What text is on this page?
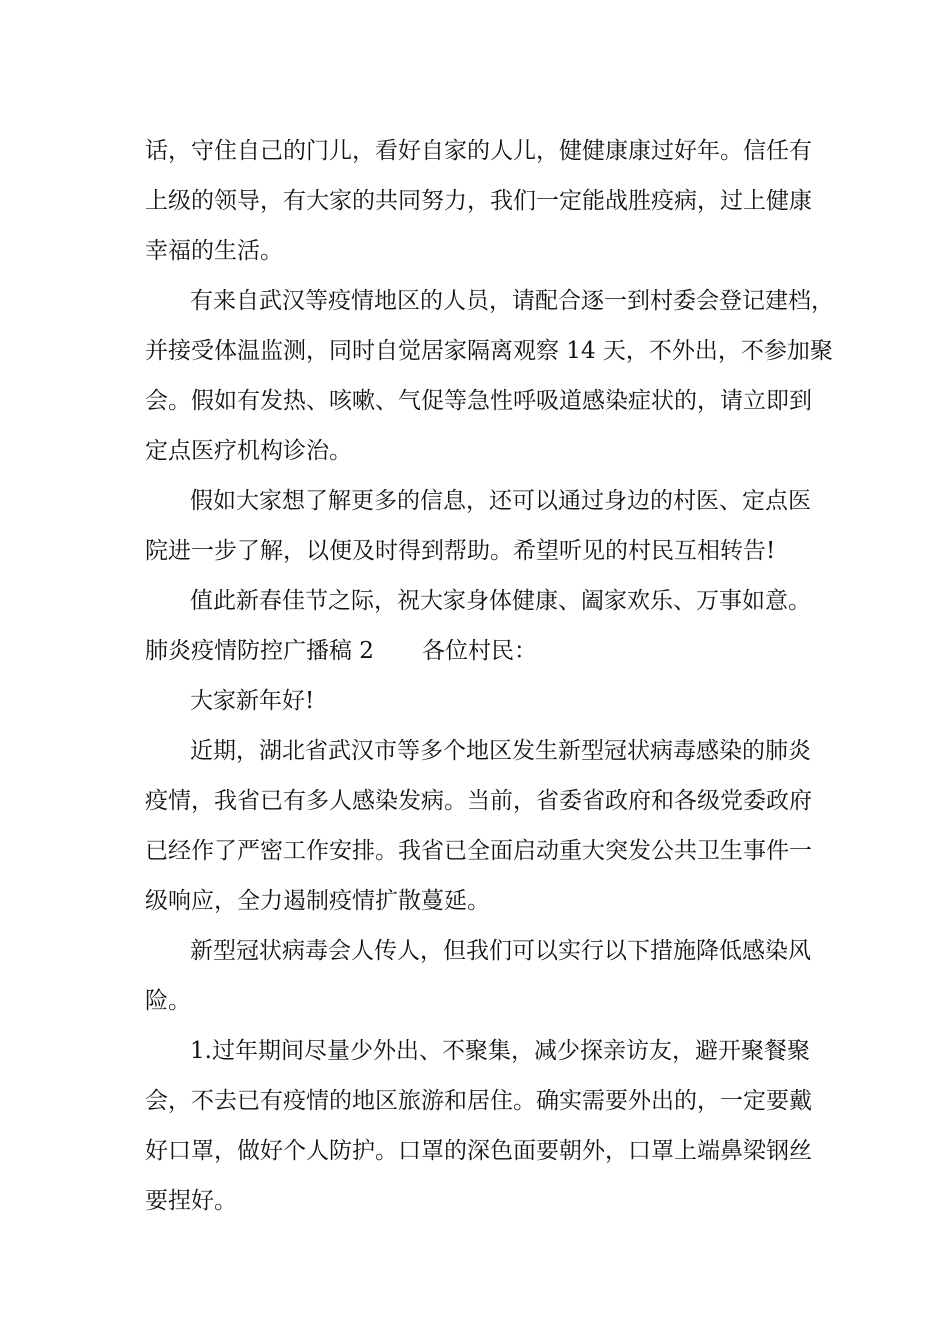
话，守住自己的门儿，看好自家的人儿，健健康康过好年。信任有
上级的领导，有大家的共同努力，我们一定能战胜疫病，过上健康
幸福的生活。
有来自武汉等疫情地区的人员，请配合逐一到村委会登记建档，
并接受体温监测，同时自觉居家隔离观察 14 天，不外出，不参加聚
会。假如有发热、咳嗽、气促等急性呼吸道感染症状的，请立即到
定点医疗机构诊治。
假如大家想了解更多的信息，还可以通过身边的村医、定点医
院进一步了解，以便及时得到帮助。希望听见的村民互相转告!
值此新春佳节之际，祝大家身体健康、阖家欢乐、万事如意。
肺炎疫情防控广播稿 2 各位村民：
大家新年好!
近期，湖北省武汉市等多个地区发生新型冠状病毒感染的肺炎
疫情，我省已有多人感染发病。当前，省委省政府和各级党委政府
已经作了严密工作安排。我省已全面启动重大突发公共卫生事件一
级响应，全力遏制疫情扩散蔓延。
新型冠状病毒会人传人，但我们可以实行以下措施降低感染风
险。
1.过年期间尽量少外出、不聚集，减少探亲访友，避开聚餐聚
会，不去已有疫情的地区旅游和居住。确实需要外出的，一定要戴
好口罩，做好个人防护。口罩的深色面要朝外，口罩上端鼻梁钢丝
要捏好。
